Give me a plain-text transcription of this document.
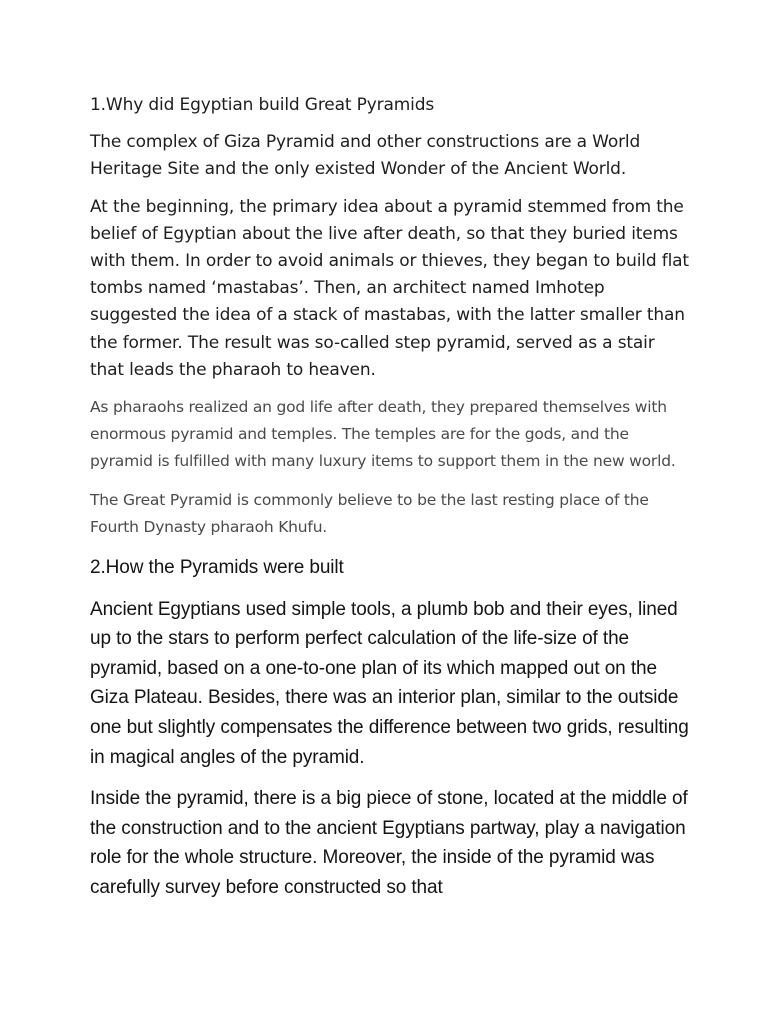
1.Why did Egyptian build Great Pyramids

The complex of Giza Pyramid and other constructions are a World Heritage Site and the only existed Wonder of the Ancient World.

At the beginning, the primary idea about a pyramid stemmed from the belief of Egyptian about the live after death, so that they buried items with them. In order to avoid animals or thieves, they began to build flat tombs named ‘mastabas’. Then, an architect named Imhotep suggested the idea of a stack of mastabas, with the latter smaller than the former. The result was so-called step pyramid, served as a stair that leads the pharaoh to heaven.

As pharaohs realized an god life after death, they prepared themselves with enormous pyramid and temples. The temples are for the gods, and the pyramid is fulfilled with many luxury items to support them in the new world.

The Great Pyramid is commonly believe to be the last resting place of the Fourth Dynasty pharaoh Khufu.

2.How the Pyramids were built

Ancient Egyptians used simple tools, a plumb bob and their eyes, lined up to the stars to perform perfect calculation of the life-size of the pyramid, based on a one-to-one plan of its which mapped out on the Giza Plateau. Besides, there was an interior plan, similar to the outside one but slightly compensates the difference between two grids, resulting in magical angles of the pyramid.

Inside the pyramid, there is a big piece of stone, located at the middle of the construction and to the ancient Egyptians partway, play a navigation role for the whole structure. Moreover, the inside of the pyramid was carefully survey before constructed so that
